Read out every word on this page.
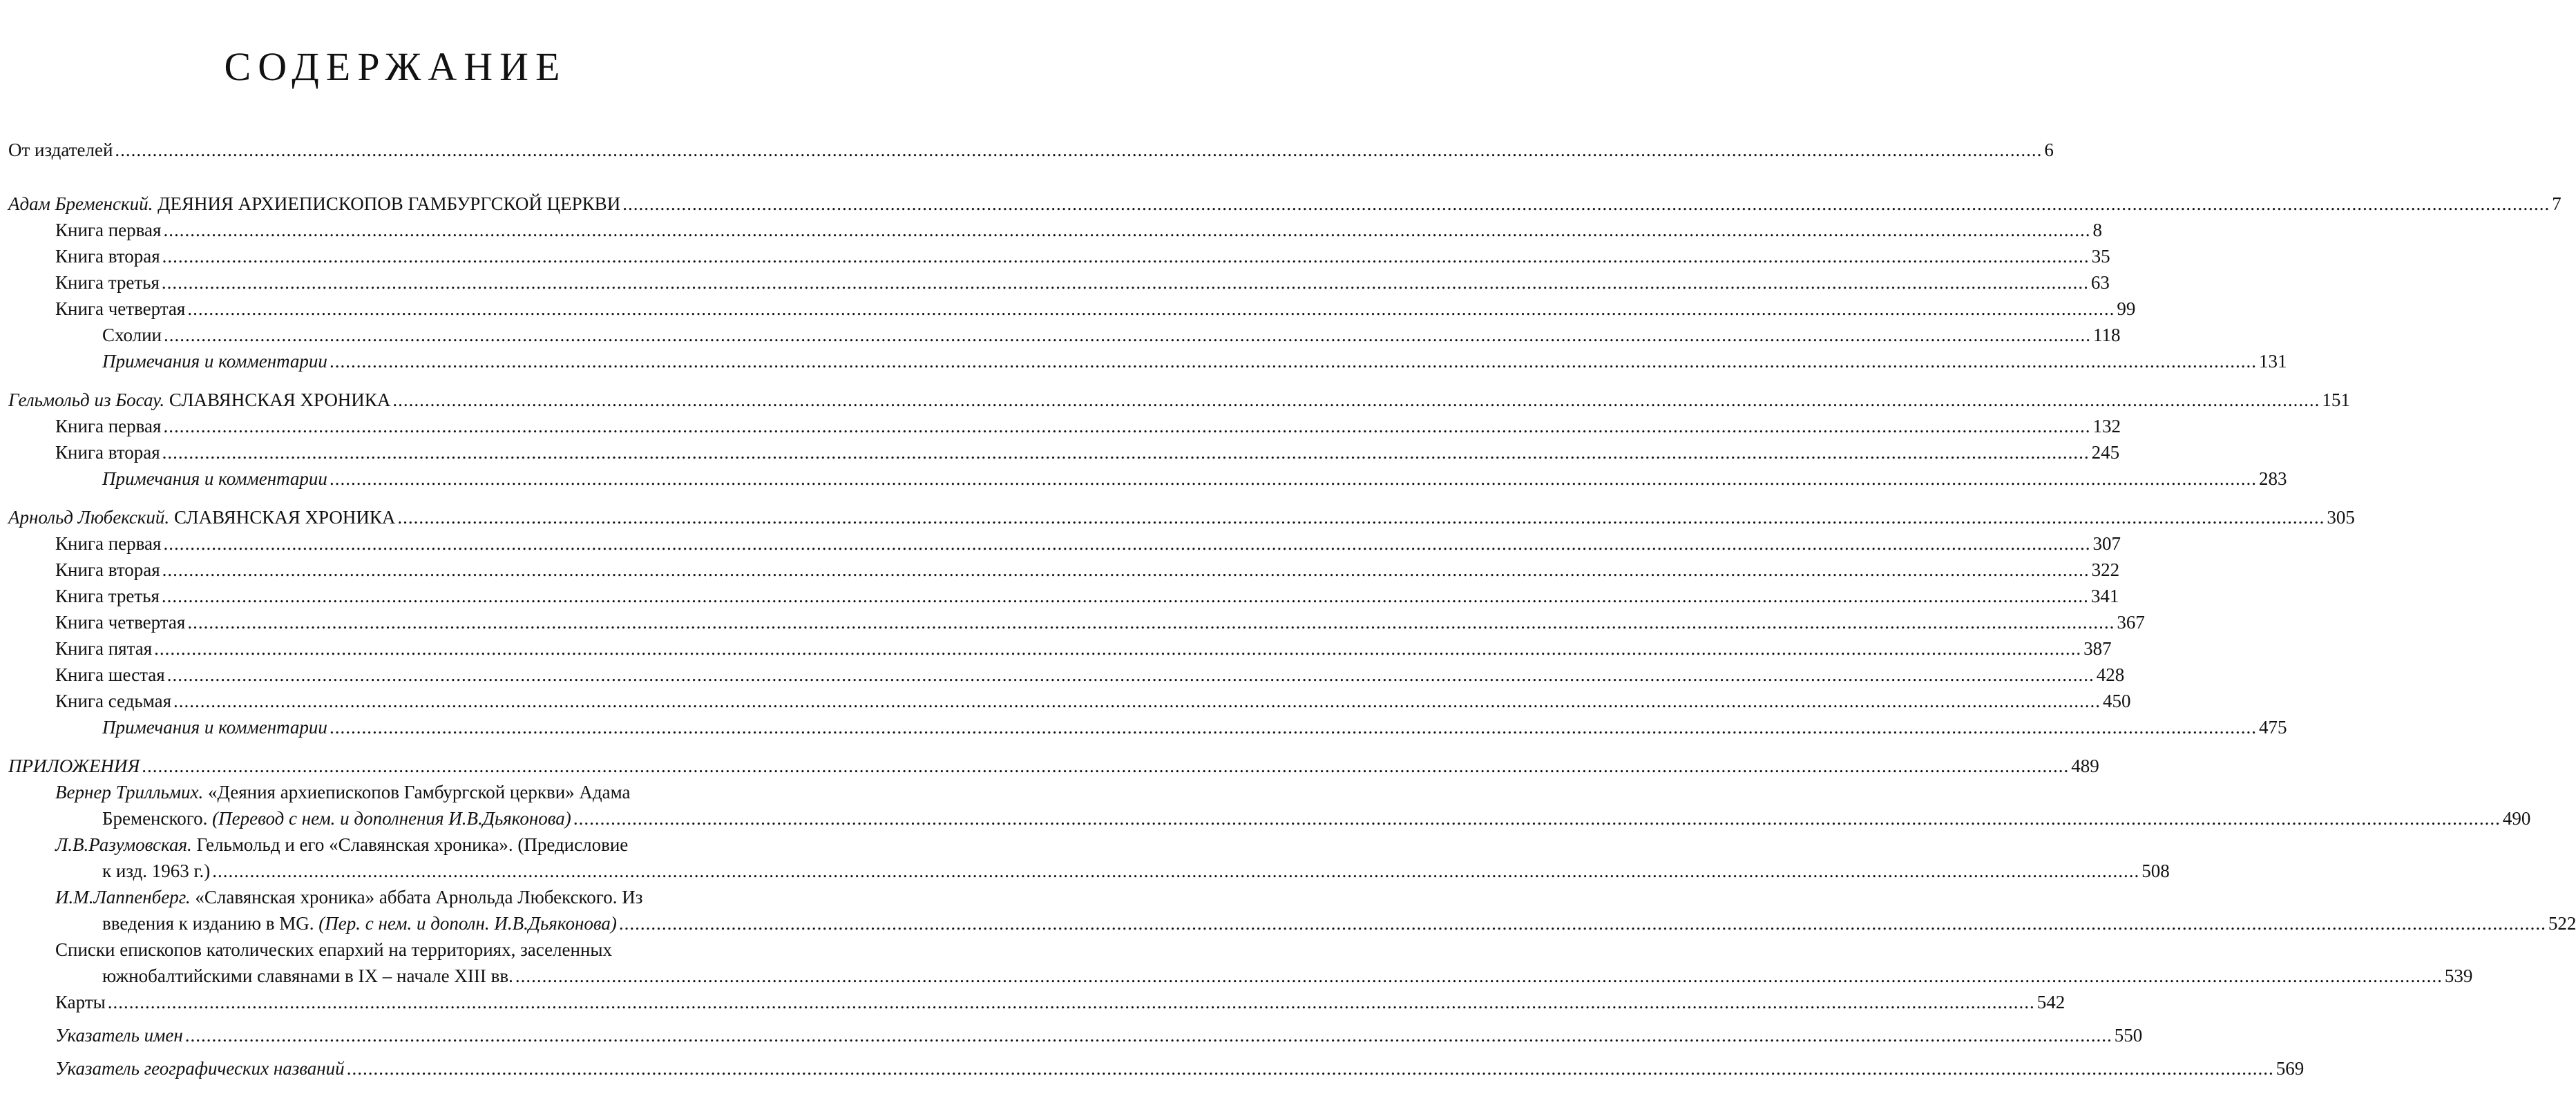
СОДЕРЖАНИЕ
От издателей .....	6
Адам Бременский. ДЕЯНИЯ АРХИЕПИСКОПОВ ГАМБУРГСКОЙ ЦЕРКВИ .....	7
Книга первая .....	8
Книга вторая .....	35
Книга третья .....	63
Книга четвертая .....	99
Схолии .....	118
Примечания и комментарии .....	131
Гельмольд из Босау. СЛАВЯНСКАЯ ХРОНИКА .....	151
Книга первая .....	132
Книга вторая .....	245
Примечания и комментарии .....	283
Арнольд Любекский. СЛАВЯНСКАЯ ХРОНИКА .....	305
Книга первая .....	307
Книга вторая .....	322
Книга третья .....	341
Книга четвертая .....	367
Книга пятая .....	387
Книга шестая .....	428
Книга седьмая .....	450
Примечания и комментарии .....	475
ПРИЛОЖЕНИЯ .....	489
Вернер Трилльмих. «Деяния архиепископов Гамбургской церкви» Адама
Бременского. (Перевод с нем. и дополнения И.В.Дьяконова) .....	490
Л.В.Разумовская. Гельмольд и его «Славянская хроника». (Предисловие
к изд. 1963 г.) .....	508
И.М.Лаппенберг. «Славянская хроника» аббата Арнольда Любекского. Из
введения к изданию в MG. (Пер. с нем. и дополн. И.В.Дьяконова) .....	522
Списки епископов католических епархий на территориях, заселенных
южнобалтийскими славянами в IX – начале XIII вв. .....	539
Карты .....	542
Указатель имен .....	550
Указатель географических названий .....	569
